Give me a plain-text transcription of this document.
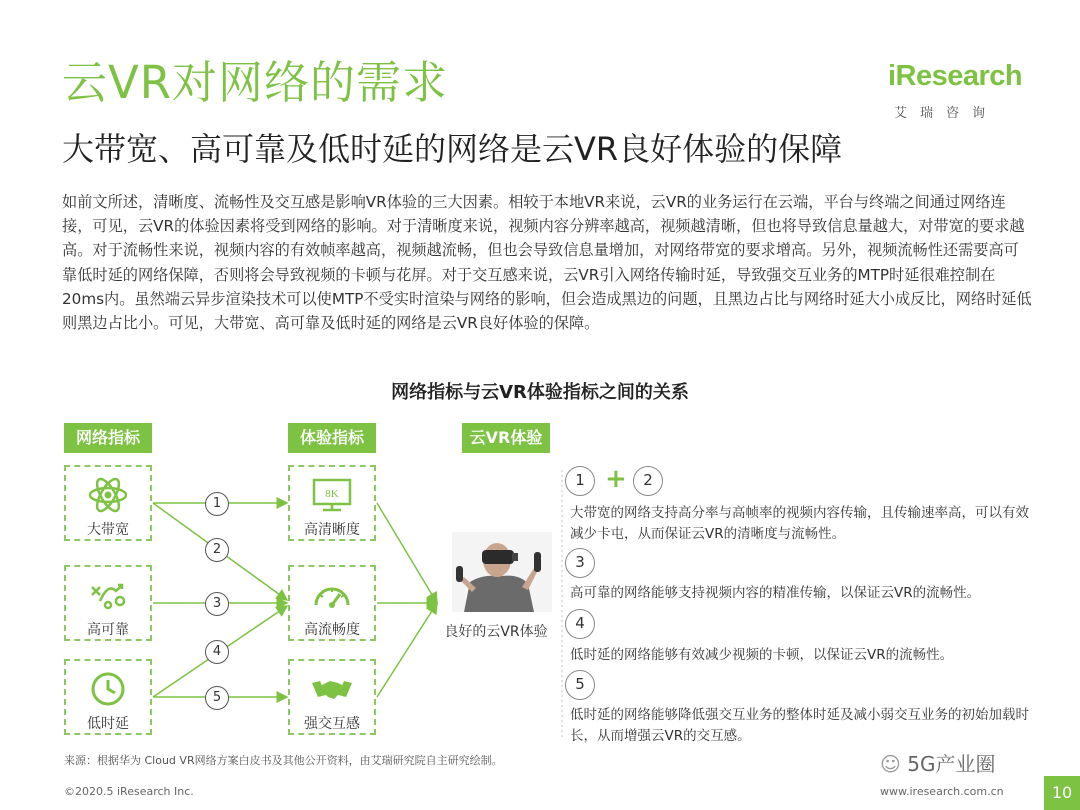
云VR对网络的需求
大带宽、高可靠及低时延的网络是云VR良好体验的保障
iResearch
艾瑞咨询

如前文所述，清晰度、流畅性及交互感是影响VR体验的三大因素。相较于本地VR来说，云VR的业务运行在云端，平台与终端之间通过网络连接，可见，云VR的体验因素将受到网络的影响。对于清晰度来说，视频内容分辨率越高，视频越清晰，但也将导致信息量越大，对带宽的要求越高。对于流畅性来说，视频内容的有效帧率越高，视频越流畅，但也会导致信息量增加，对网络带宽的要求增高。另外，视频流畅性还需要高可靠低时延的网络保障，否则将会导致视频的卡顿与花屏。对于交互感来说，云VR引入网络传输时延，导致强交互业务的MTP时延很难控制在20ms内。虽然端云异步渲染技术可以使MTP不受实时渲染与网络的影响，但会造成黑边的问题，且黑边占比与网络时延大小成反比，网络时延低则黑边占比小。可见，大带宽、高可靠及低时延的网络是云VR良好体验的保障。

网络指标与云VR体验指标之间的关系
网络指标	体验指标	云VR体验
大带宽
高可靠
低时延
8K
高清晰度
高流畅度
强交互感
1
2
3
4
5
良好的云VR体验
1 +	2
大带宽的网络支持高分率与高帧率的视频内容传输，且传输速率高，可以有效减少卡屯，从而保证云VR的清晰度与流畅性。
3
高可靠的网络能够支持视频内容的精准传输，以保证云VR的流畅性。
4
低时延的网络能够有效减少视频的卡顿，以保证云VR的流畅性。
5
低时延的网络能够降低强交互业务的整体时延及减小弱交互业务的初始加载时长，从而增强云VR的交互感。
来源：根据华为 Cloud VR网络方案白皮书及其他公开资料，由艾瑞研究院自主研究绘制。	☺ 5G产业圈
©2020.5 iResearch Inc.	www.iresearch.com.cn	10
